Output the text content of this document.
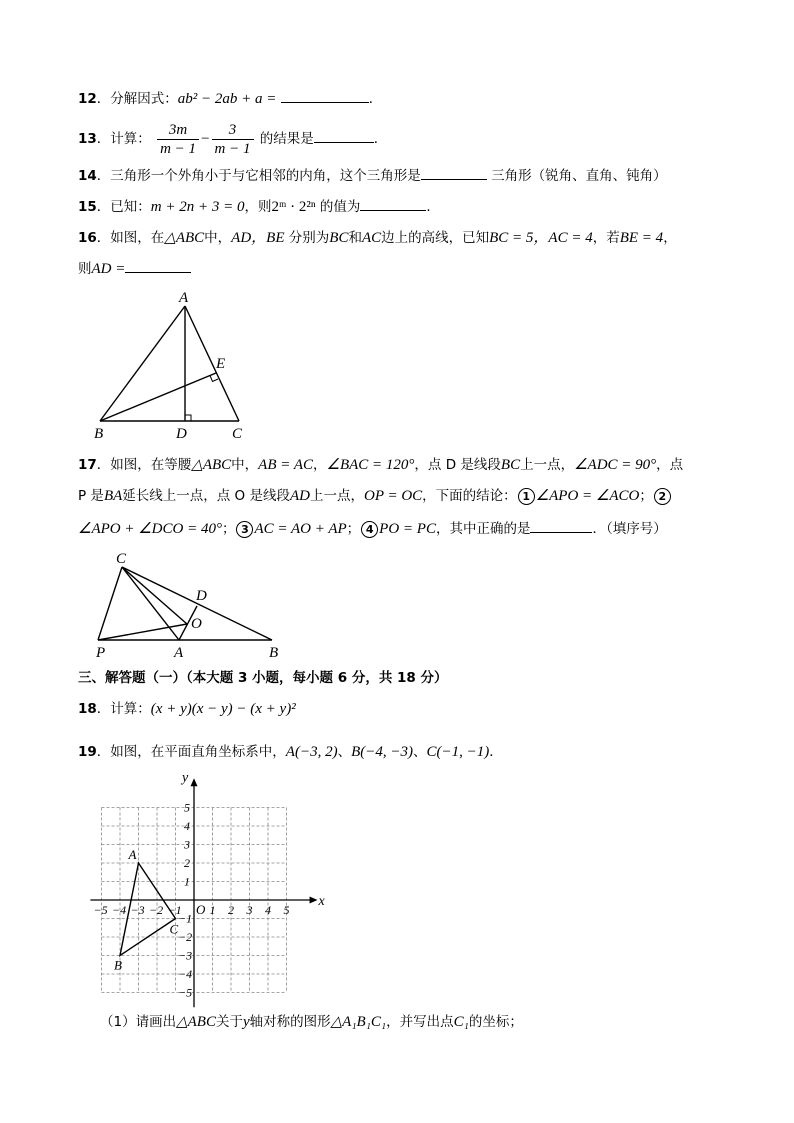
12．分解因式：ab² − 2ab + a =	．
13．计算： $\frac{3m}{m - 1} - \frac{3}{m - 1}$ 的结果是	．
14．三角形一个外角小于与它相邻的内角，这个三角形是	三角形（锐角、直角、钝角）
15．已知：m + 2n + 3 = 0，则2ᵐ · 2²ⁿ 的值为	．
16．如图，在△ABC中，AD，BE 分别为BC和AC边上的高线，已知BC = 5，AC = 4，若BE = 4，
则AD =
A
B	C
D
E
17．如图，在等腰△ABC中，AB = AC，∠BAC = 120°，点 D 是线段BC上一点，∠ADC = 90°，点
P 是BA延长线上一点，点 O 是线段AD上一点，OP = OC，下面的结论： 1 ∠APO = ∠ACO； 2
∠APO + ∠DCO = 40°； 3 AC = AO + AP； 4 PO = PC，其中正确的是	．（填序号）
C
D
O
P	A	B
三、解答题（一）（本大题 3 小题，每小题 6 分，共 18 分）
18．计算：(x + y)(x − y) − (x + y)²
19．如图，在平面直角坐标系中，A(−3, 2)、B(−4, −3)、C(−1, −1)．
−5 −4 −3 −2 −1 1 2 3 4 5
5
4
3
2
1
−1
−2
−3
−4
−5
O
x
y
A
B
C
（1）请画出△ABC关于y轴对称的图形△A₁B₁C₁，并写出点C₁的坐标；
